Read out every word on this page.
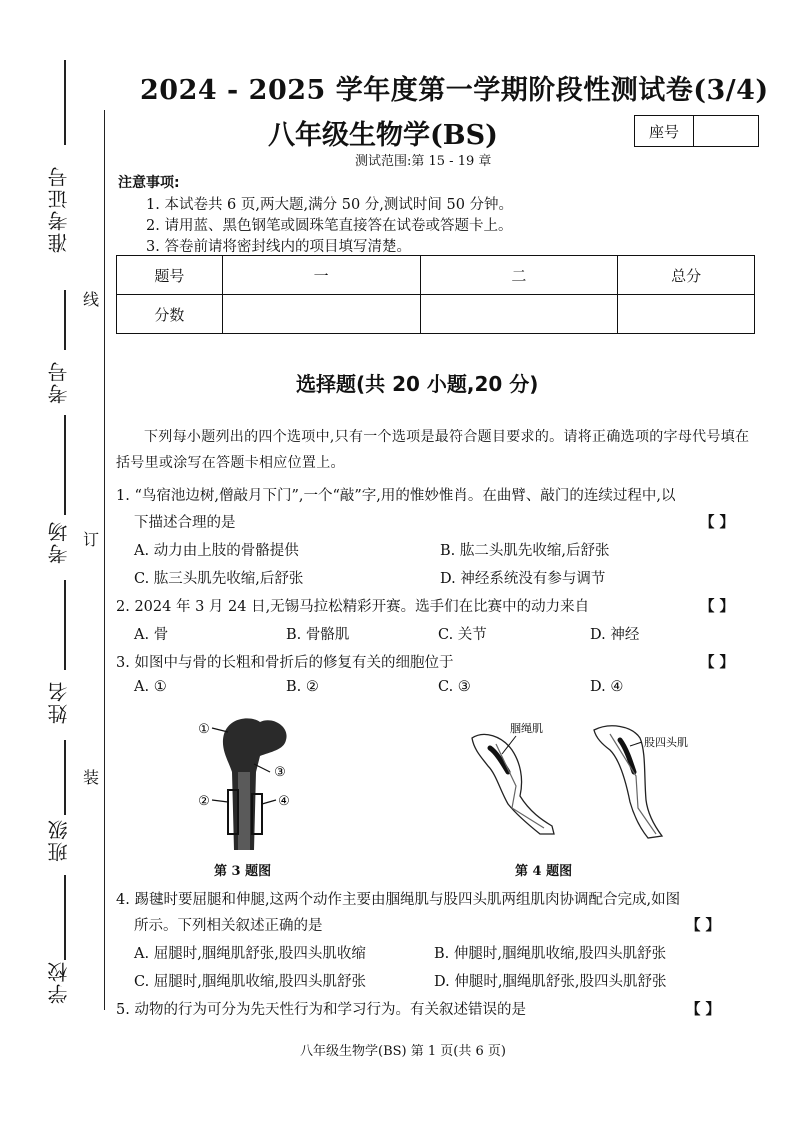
准考证号
考号
考场
姓名
班级
学校
线
订
装
2024 - 2025 学年度第一学期阶段性测试卷(3/4)
八年级生物学(BS)	座号
测试范围:第 15 - 19 章
注意事项:
1. 本试卷共 6 页,两大题,满分 50 分,测试时间 50 分钟。
2. 请用蓝、黑色钢笔或圆珠笔直接答在试卷或答题卡上。
3. 答卷前请将密封线内的项目填写清楚。
题号	一	二	总分
分数			
选择题(共 20 小题,20 分)
下列每小题列出的四个选项中,只有一个选项是最符合题目要求的。请将正确选项的字母代号填在括号里或涂写在答题卡相应位置上。
1. “鸟宿池边树,僧敲月下门”,一个“敲”字,用的惟妙惟肖。在曲臂、敲门的连续过程中,以
下描述合理的是	【 】
A. 动力由上肢的骨骼提供	B. 肱二头肌先收缩,后舒张
C. 肱三头肌先收缩,后舒张	D. 神经系统没有参与调节
2. 2024 年 3 月 24 日,无锡马拉松精彩开赛。选手们在比赛中的动力来自	【 】
A. 骨	B. 骨骼肌	C. 关节	D. 神经
3. 如图中与骨的长粗和骨折后的修复有关的细胞位于	【 】
A. ①	B. ②	C. ③	D. ④
①
③
②	④
第 3 题图
腘绳肌
股四头肌
第 4 题图
4. 踢毽时要屈腿和伸腿,这两个动作主要由腘绳肌与股四头肌两组肌肉协调配合完成,如图
所示。下列相关叙述正确的是	【 】
A. 屈腿时,腘绳肌舒张,股四头肌收缩	B. 伸腿时,腘绳肌收缩,股四头肌舒张
C. 屈腿时,腘绳肌收缩,股四头肌舒张	D. 伸腿时,腘绳肌舒张,股四头肌舒张
5. 动物的行为可分为先天性行为和学习行为。有关叙述错误的是	【 】
八年级生物学(BS) 第 1 页(共 6 页)
